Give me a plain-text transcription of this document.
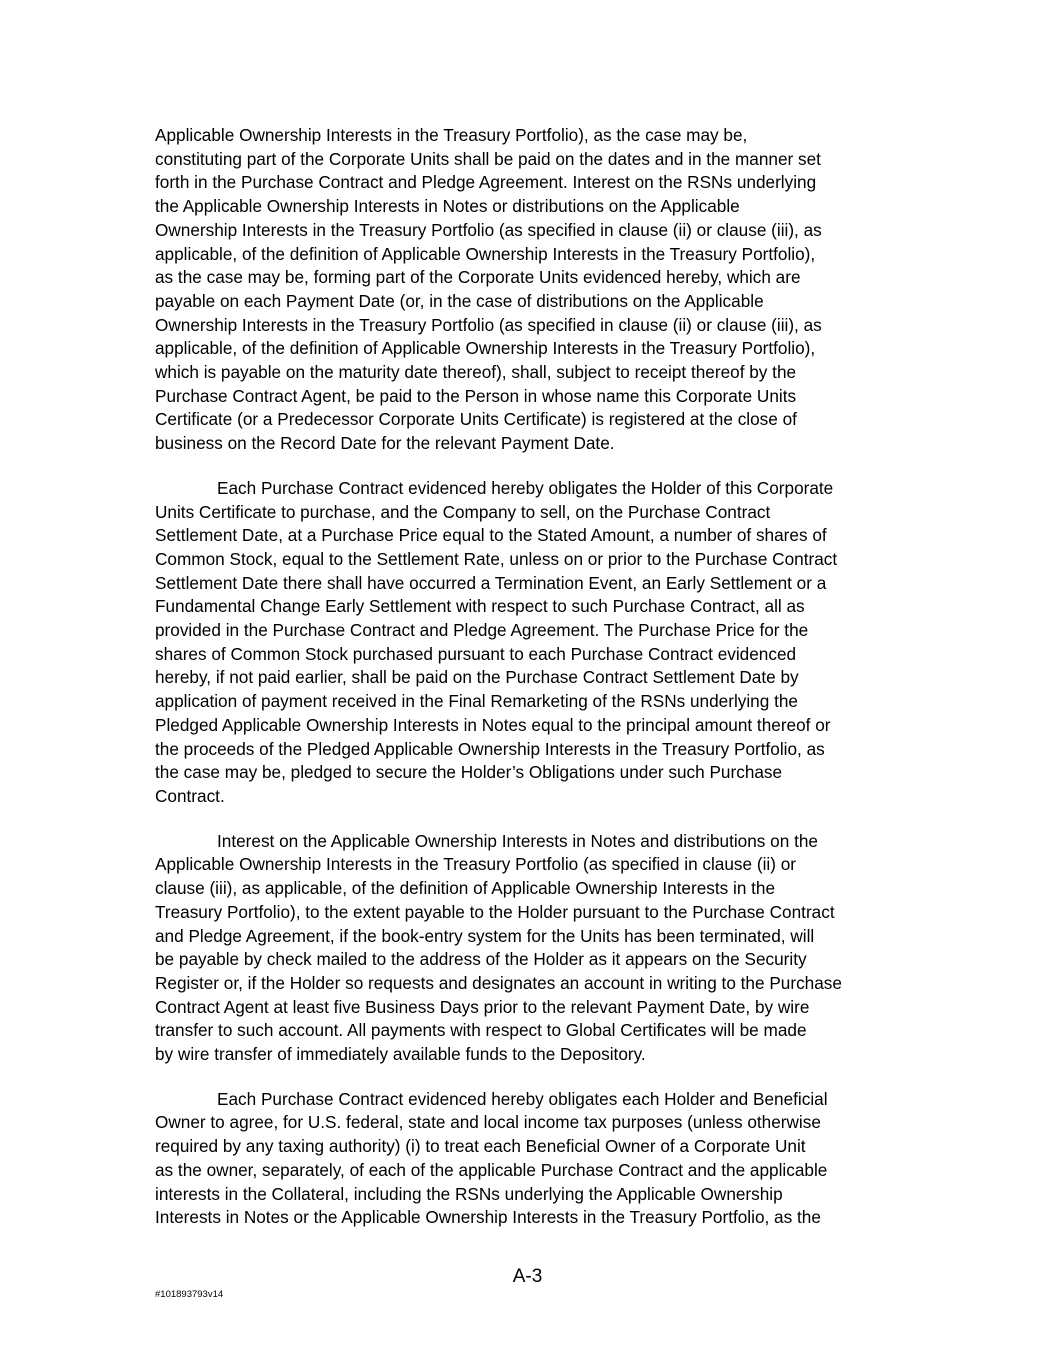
Applicable Ownership Interests in the Treasury Portfolio), as the case may be,
constituting part of the Corporate Units shall be paid on the dates and in the manner set
forth in the Purchase Contract and Pledge Agreement. Interest on the RSNs underlying
the Applicable Ownership Interests in Notes or distributions on the Applicable
Ownership Interests in the Treasury Portfolio (as specified in clause (ii) or clause (iii), as
applicable, of the definition of Applicable Ownership Interests in the Treasury Portfolio),
as the case may be, forming part of the Corporate Units evidenced hereby, which are
payable on each Payment Date (or, in the case of distributions on the Applicable
Ownership Interests in the Treasury Portfolio (as specified in clause (ii) or clause (iii), as
applicable, of the definition of Applicable Ownership Interests in the Treasury Portfolio),
which is payable on the maturity date thereof), shall, subject to receipt thereof by the
Purchase Contract Agent, be paid to the Person in whose name this Corporate Units
Certificate (or a Predecessor Corporate Units Certificate) is registered at the close of
business on the Record Date for the relevant Payment Date.

Each Purchase Contract evidenced hereby obligates the Holder of this Corporate
Units Certificate to purchase, and the Company to sell, on the Purchase Contract
Settlement Date, at a Purchase Price equal to the Stated Amount, a number of shares of
Common Stock, equal to the Settlement Rate, unless on or prior to the Purchase Contract
Settlement Date there shall have occurred a Termination Event, an Early Settlement or a
Fundamental Change Early Settlement with respect to such Purchase Contract, all as
provided in the Purchase Contract and Pledge Agreement. The Purchase Price for the
shares of Common Stock purchased pursuant to each Purchase Contract evidenced
hereby, if not paid earlier, shall be paid on the Purchase Contract Settlement Date by
application of payment received in the Final Remarketing of the RSNs underlying the
Pledged Applicable Ownership Interests in Notes equal to the principal amount thereof or
the proceeds of the Pledged Applicable Ownership Interests in the Treasury Portfolio, as
the case may be, pledged to secure the Holder’s Obligations under such Purchase
Contract.

Interest on the Applicable Ownership Interests in Notes and distributions on the
Applicable Ownership Interests in the Treasury Portfolio (as specified in clause (ii) or
clause (iii), as applicable, of the definition of Applicable Ownership Interests in the
Treasury Portfolio), to the extent payable to the Holder pursuant to the Purchase Contract
and Pledge Agreement, if the book-entry system for the Units has been terminated, will
be payable by check mailed to the address of the Holder as it appears on the Security
Register or, if the Holder so requests and designates an account in writing to the Purchase
Contract Agent at least five Business Days prior to the relevant Payment Date, by wire
transfer to such account. All payments with respect to Global Certificates will be made
by wire transfer of immediately available funds to the Depository.

Each Purchase Contract evidenced hereby obligates each Holder and Beneficial
Owner to agree, for U.S. federal, state and local income tax purposes (unless otherwise
required by any taxing authority) (i) to treat each Beneficial Owner of a Corporate Unit
as the owner, separately, of each of the applicable Purchase Contract and the applicable
interests in the Collateral, including the RSNs underlying the Applicable Ownership
Interests in Notes or the Applicable Ownership Interests in the Treasury Portfolio, as the

A-3
#101893793v14
